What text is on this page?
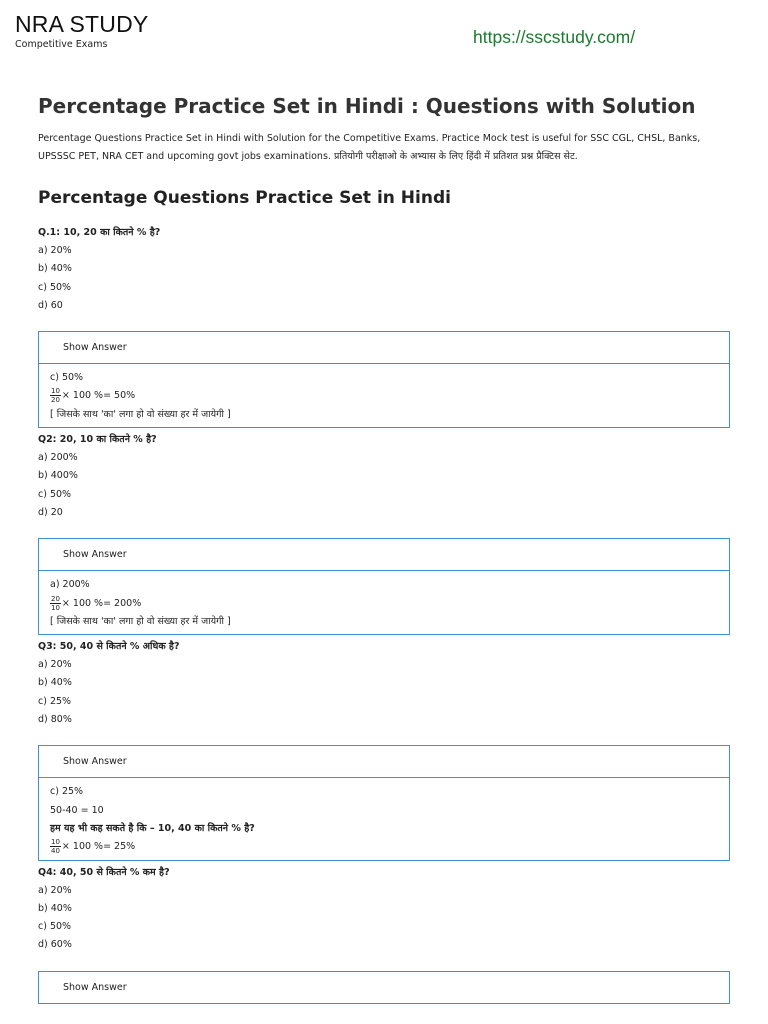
NRA STUDY
Competitive Exams	https://sscstudy.com/
Percentage Practice Set in Hindi : Questions with Solution

Percentage Questions Practice Set in Hindi with Solution for the Competitive Exams. Practice Mock test is useful for SSC CGL, CHSL, Banks, UPSSSC PET, NRA CET and upcoming govt jobs examinations. प्रतियोगी परीक्षाओ के अभ्यास के लिए हिंदी में प्रतिशत प्रश्न प्रैक्टिस सेट.

Percentage Questions Practice Set in Hindi
Q.1: 10, 20 का कितने % है?
a) 20%
b) 40%
c) 50%
d) 60
Show Answer
c) 50%
$\frac{10}{20} \times 100$ %= 50%
[ जिसके साथ 'का' लगा हो वो संख्या हर में जायेगी ]
Q2: 20, 10 का कितने % है?
a) 200%
b) 400%
c) 50%
d) 20
Show Answer
a) 200%
$\frac{20}{10} \times 100$ %= 200%
[ जिसके साथ 'का' लगा हो वो संख्या हर में जायेगी ]
Q3: 50, 40 से कितने % अधिक है?
a) 20%
b) 40%
c) 25%
d) 80%
Show Answer
c) 25%
50-40 = 10
हम यह भी कह सकते है कि – 10, 40 का कितने % है?
$\frac{10}{40} \times 100$ %= 25%
Q4: 40, 50 से कितने % कम है?
a) 20%
b) 40%
c) 50%
d) 60%
Show Answer
